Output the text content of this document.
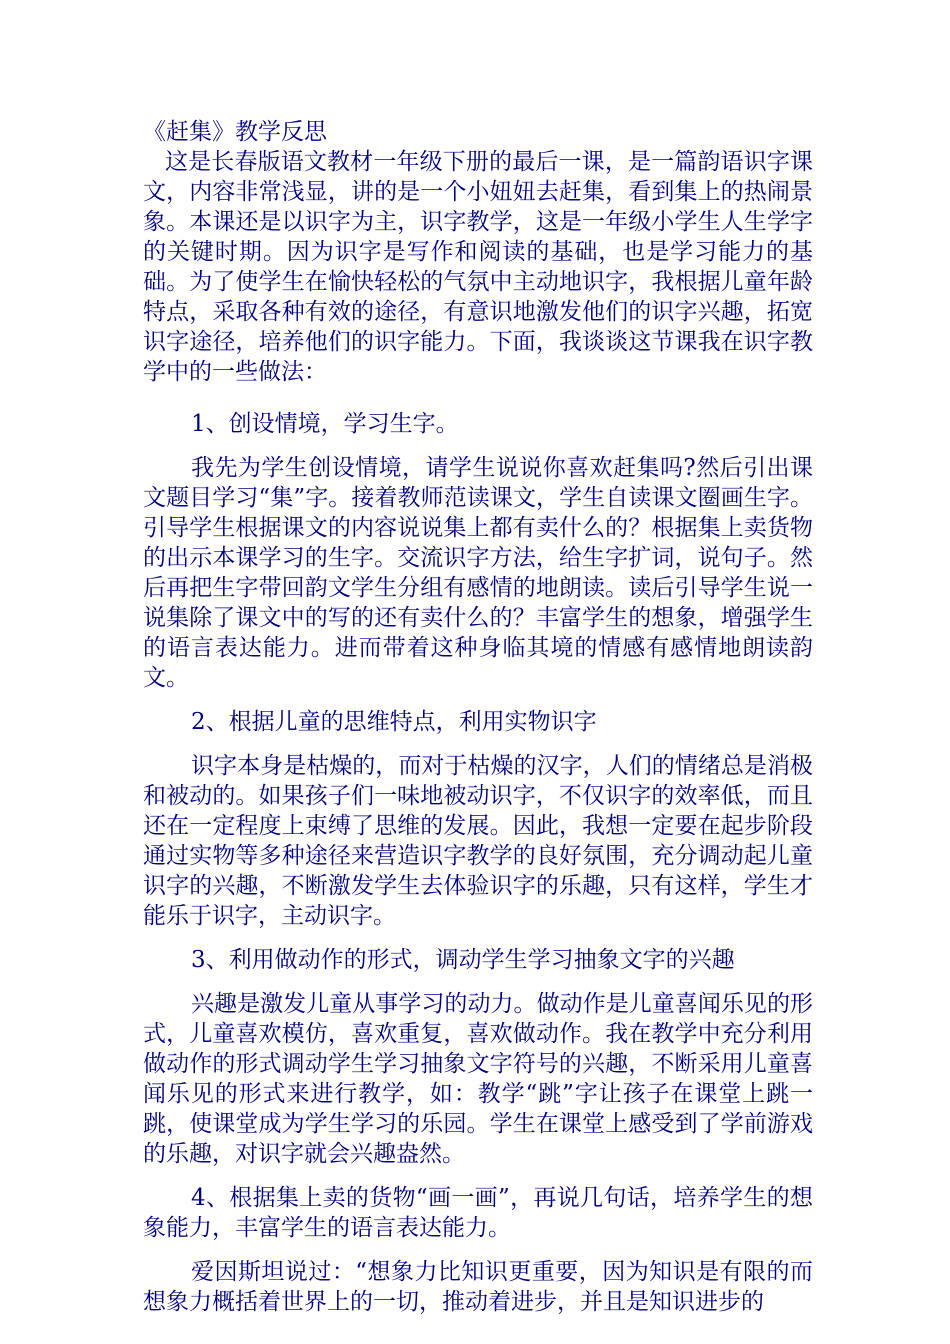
《赶集》教学反思

这是长春版语文教材一年级下册的最后一课，是一篇韵语识字课文，内容非常浅显，讲的是一个小妞妞去赶集，看到集上的热闹景象。本课还是以识字为主，识字教学，这是一年级小学生人生学字的关键时期。因为识字是写作和阅读的基础，也是学习能力的基础。为了使学生在愉快轻松的气氛中主动地识字，我根据儿童年龄特点，采取各种有效的途径，有意识地激发他们的识字兴趣，拓宽识字途径，培养他们的识字能力。下面，我谈谈这节课我在识字教学中的一些做法：

1、创设情境，学习生字。

我先为学生创设情境，请学生说说你喜欢赶集吗?然后引出课文题目学习“集”字。接着教师范读课文，学生自读课文圈画生字。引导学生根据课文的内容说说集上都有卖什么的？根据集上卖货物的出示本课学习的生字。交流识字方法，给生字扩词，说句子。然后再把生字带回韵文学生分组有感情的地朗读。读后引导学生说一说集除了课文中的写的还有卖什么的？丰富学生的想象，增强学生的语言表达能力。进而带着这种身临其境的情感有感情地朗读韵文。

2、根据儿童的思维特点，利用实物识字

识字本身是枯燥的，而对于枯燥的汉字，人们的情绪总是消极和被动的。如果孩子们一味地被动识字，不仅识字的效率低，而且还在一定程度上束缚了思维的发展。因此，我想一定要在起步阶段通过实物等多种途径来营造识字教学的良好氛围，充分调动起儿童识字的兴趣，不断激发学生去体验识字的乐趣，只有这样，学生才能乐于识字，主动识字。

3、利用做动作的形式，调动学生学习抽象文字的兴趣

兴趣是激发儿童从事学习的动力。做动作是儿童喜闻乐见的形式，儿童喜欢模仿，喜欢重复，喜欢做动作。我在教学中充分利用做动作的形式调动学生学习抽象文字符号的兴趣，不断采用儿童喜闻乐见的形式来进行教学，如：教学“跳”字让孩子在课堂上跳一跳，使课堂成为学生学习的乐园。学生在课堂上感受到了学前游戏的乐趣，对识字就会兴趣盎然。

4、根据集上卖的货物“画一画”，再说几句话，培养学生的想象能力，丰富学生的语言表达能力。

爱因斯坦说过：“想象力比知识更重要，因为知识是有限的而想象力概括着世界上的一切，推动着进步，并且是知识进步的
